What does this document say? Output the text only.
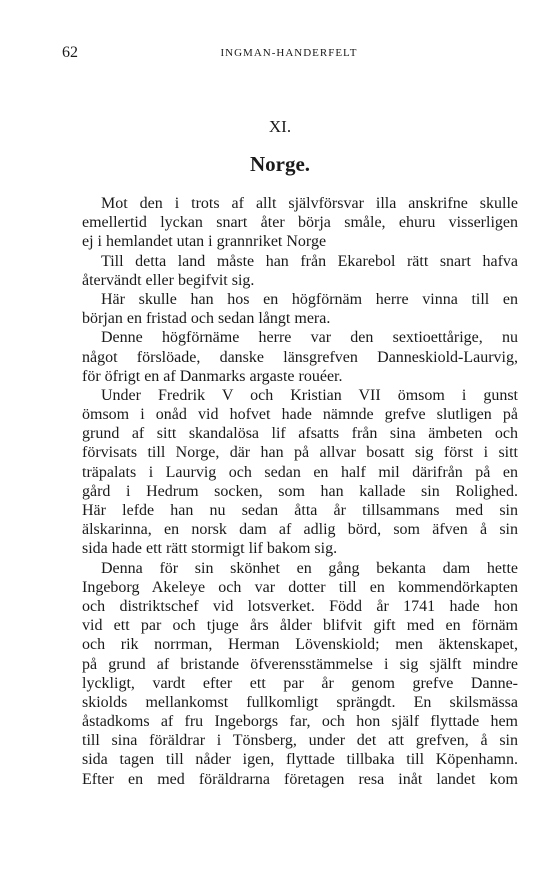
62	INGMAN-HANDERFELT
XI.
Norge.
Mot den i trots af allt självförsvar illa anskrifne skulle
emellertid lyckan snart åter börja småle, ehuru visserligen
ej i hemlandet utan i grannriket Norge
Till detta land måste han från Ekarebol rätt snart hafva
återvändt eller begifvit sig.
Här skulle han hos en högförnäm herre vinna till en
början en fristad och sedan långt mera.
Denne högförnäme herre var den sextioettårige, nu
något förslöade, danske länsgrefven Danneskiold-Laurvig,
för öfrigt en af Danmarks argaste rouéer.
Under Fredrik V och Kristian VII ömsom i gunst
ömsom i onåd vid hofvet hade nämnde grefve slutligen på
grund af sitt skandalösa lif afsatts från sina ämbeten och
förvisats till Norge, där han på allvar bosatt sig först i sitt
träpalats i Laurvig och sedan en half mil därifrån på en
gård i Hedrum socken, som han kallade sin Rolighed.
Här lefde han nu sedan åtta år tillsammans med sin
älskarinna, en norsk dam af adlig börd, som äfven å sin
sida hade ett rätt stormigt lif bakom sig.
Denna för sin skönhet en gång bekanta dam hette
Ingeborg Akeleye och var dotter till en kommendörkapten
och distriktschef vid lotsverket. Född år 1741 hade hon
vid ett par och tjuge års ålder blifvit gift med en förnäm
och rik norrman, Herman Lövenskiold; men äktenskapet,
på grund af bristande öfverensstämmelse i sig själft mindre
lyckligt, vardt efter ett par år genom grefve Danne-
skiolds mellankomst fullkomligt sprängdt. En skilsmässa
åstadkoms af fru Ingeborgs far, och hon själf flyttade hem
till sina föräldrar i Tönsberg, under det att grefven, å sin
sida tagen till nåder igen, flyttade tillbaka till Köpenhamn.
Efter en med föräldrarna företagen resa inåt landet kom
